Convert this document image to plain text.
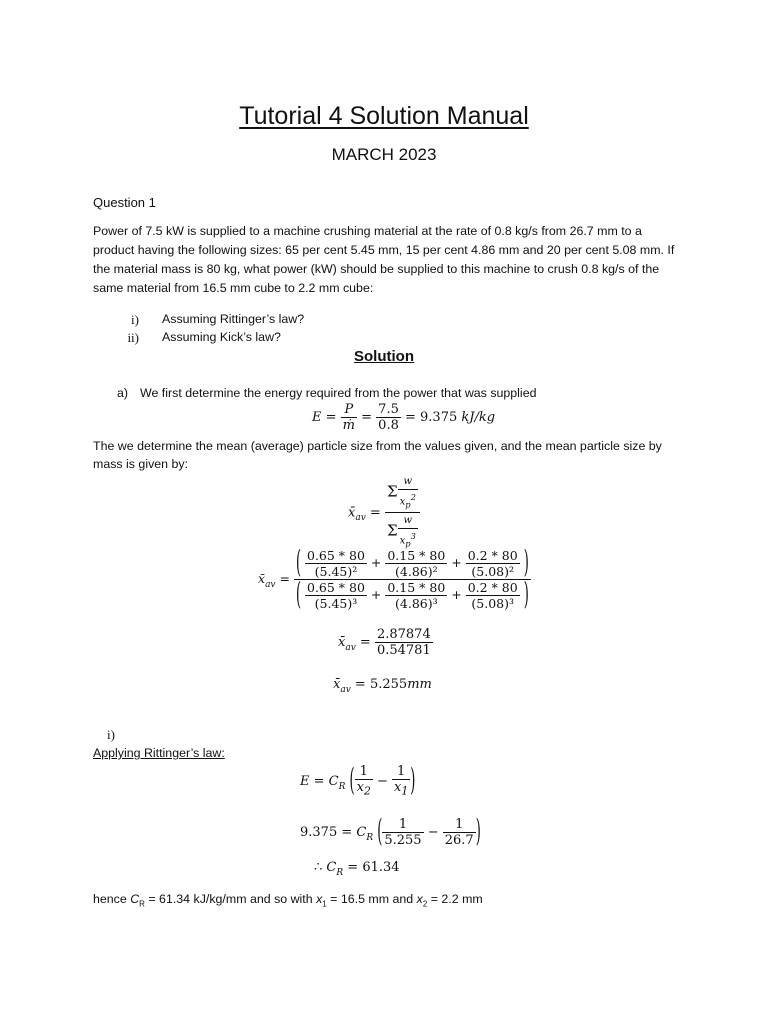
Tutorial 4 Solution Manual
MARCH 2023
Question 1
Power of 7.5 kW is supplied to a machine crushing material at the rate of 0.8 kg/s from 26.7 mm to a product having the following sizes: 65 per cent 5.45 mm, 15 per cent 4.86 mm and 20 per cent 5.08 mm. If the material mass is 80 kg, what power (kW) should be supplied to this machine to crush 0.8 kg/s of the same material from 16.5 mm cube to 2.2 mm cube:
i) Assuming Rittinger’s law?
ii) Assuming Kick’s law?
Solution
a) We first determine the energy required from the power that was supplied
$E = \frac{P}{\text{ṁ}} = \frac{7.5}{0.8} = 9.375$ kJ/kg
The we determine the mean (average) particle size from the values given, and the mean particle size by mass is given by:
$x̄_{av} = \frac{\Sigma \frac{w}{x_p^2}}{\Sigma \frac{w}{x_p^3}}$
$x̄_{av}$ = ( $\frac{0.65 * 80}{\text{(5.45)²}} + \frac{0.15 * 80}{\text{(4.86)²}} + \frac{0.2 * 80}{\text{(5.08)²}}$ )
( $\frac{0.65 * 80}{\text{(5.45)³}} + \frac{0.15 * 80}{\text{(4.86)³}} + \frac{0.2 * 80}{\text{(5.08)³}}$ )
$x̄_{av} = \frac{2.87874}{0.54781}$
$x̄_{av} = 5.255mm$
i)
Applying Rittinger’s law:
$E = C_R$ ( $\frac{1}{x_2} - \frac{1}{x_1}$ )
$9.375 = C_R$ ( $\frac{1}{5.255} - \frac{1}{26.7}$ )
∴ $C_R = 61.34$
hence $C_R = 61.34$ kJ/kg/mm and so with $x_1 = 16.5$ mm and $x_2 = 2.2$ mm
